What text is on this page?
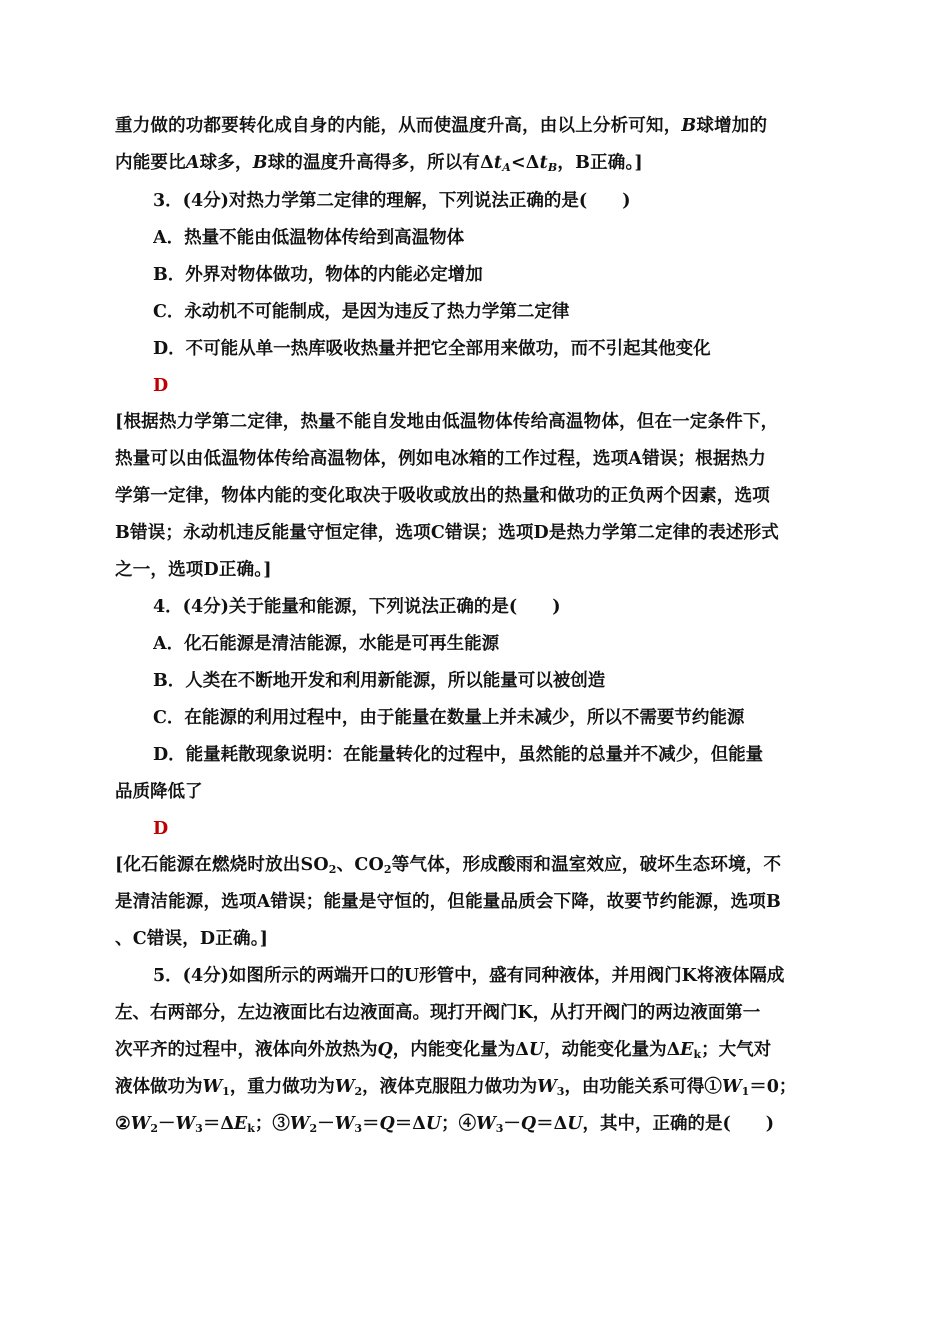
重力做的功都要转化成自身的内能，从而使温度升高，由以上分析可知，B球增加的
内能要比A球多，B球的温度升高得多，所以有$\Delta t_A<\Delta t_B$，B正确。]
3．(4分)对热力学第二定律的理解，下列说法正确的是(　　)
A．热量不能由低温物体传给到高温物体
B．外界对物体做功，物体的内能必定增加
C．永动机不可能制成，是因为违反了热力学第二定律
D．不可能从单一热库吸收热量并把它全部用来做功，而不引起其他变化
D
[根据热力学第二定律，热量不能自发地由低温物体传给高温物体，但在一定条件下，
热量可以由低温物体传给高温物体，例如电冰箱的工作过程，选项A错误；根据热力
学第一定律，物体内能的变化取决于吸收或放出的热量和做功的正负两个因素，选项
B错误；永动机违反能量守恒定律，选项C错误；选项D是热力学第二定律的表述形式
之一，选项D正确。]
4．(4分)关于能量和能源，下列说法正确的是(　　)
A．化石能源是清洁能源，水能是可再生能源
B．人类在不断地开发和利用新能源，所以能量可以被创造
C．在能源的利用过程中，由于能量在数量上并未减少，所以不需要节约能源
D．能量耗散现象说明：在能量转化的过程中，虽然能的总量并不减少，但能量
品质降低了
D
[化石能源在燃烧时放出$SO_2$、$CO_2$等气体，形成酸雨和温室效应，破坏生态环境，不
是清洁能源，选项A错误；能量是守恒的，但能量品质会下降，故要节约能源，选项B
、C错误，D正确。]
5．(4分)如图所示的两端开口的U形管中，盛有同种液体，并用阀门K将液体隔成
左、右两部分，左边液面比右边液面高。现打开阀门K，从打开阀门的两边液面第一
次平齐的过程中，液体向外放热为Q，内能变化量为ΔU，动能变化量为$\Delta E_k$；大气对
液体做功为$W_1$，重力做功为$W_2$，液体克服阻力做功为$W_3$，由功能关系可得$①W_1=0$；
$②W_2-W_3=\Delta E_k$；$③W_2-W_3=Q=\Delta U$；$④W_3-Q=\Delta U$，其中，正确的是(　　)
